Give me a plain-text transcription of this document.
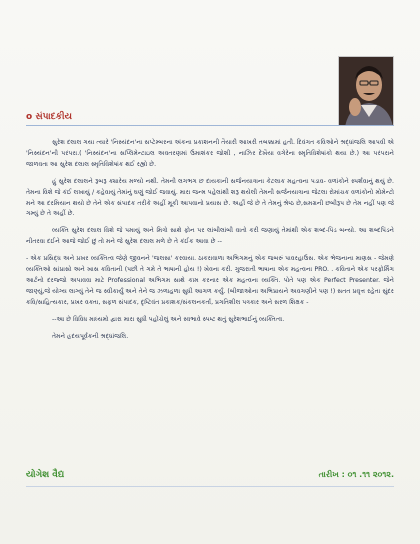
o સંપાદકીય

સુરેશ દલાલ ગયા ત્યારે 'નિસ્યંદન'ના સપ્ટેમ્બરના અંકના પ્રકાશનની તૈયારી આખરી તબક્કામાં હતી. દિવંગત કવિઓને શ્રદ્ધાંજલિ આપવી એ 'નિસ્યંદન'ની પરંપરા.( 'નિસ્યંદન'ના સપ્લિમેન્ટાઇલ અવતરણમાં ઉમાશંકર જોશી , નાઝિર દેખૈયા વગેરેના સ્મૃતિવિશેષાંકો થયા છે.) આ પરંપરાને જાળવતા આ સુરેશ દલાલ સ્મૃતિવિશેષાંક થઈ રહ્યો છે.

હું સુરેશ દલાલને રૂબરૂ ક્યારેય મળ્યો નથી. તેમની લગભગ છ દાયકાની સર્જનયાત્રાના કેટલાક મહત્વના પડાવ- વળાંકોને સ્પર્શવાનું થયું છે. તેમના વિશે જે કંઈ લખાયું / કહેવાયું તેમાંનું ઘણું જોઈ જવાયું. મારા જન્મ પહેલાંથી શરૂ થયેલી તેમની સર્જનયાત્રાના જેટલા રોમાંચક વળાંકોનો મોમેન્ટો મને આ દરમિયાન થયો છે તેને એક સંપાદક તરીકે અહીં મૂકી આપવાનો પ્રયાસ છે. અહીં જે છે તે તેમનું શ્રેષ્ઠ છે,સમગ્રની છબીરૂપ છે તેમ નહીં પણ જે ગમ્યું છે તે અહીં છે.

વ્યક્તિ સુરેશ દલાલ વિશે જે પમાયું અને મિત્રો સાથે ફોન પર લાંબીલાંબી વાતો કરી જણાયું તેમાંથી એક શબ્દ-પિંડ બન્યો. આ શબ્દપિંડને નીતરવા દઈને આજે જોઈ છું તો મને જે સુરેશ દલાલ મળે છે તે કંઈક આવા છે --

- એક પ્રસિદ્ધ અને પ્રખર વ્યક્તિત્વ જેણે જીવનને 'જલસા' કરવાયા. ઠાકરાવાળા અભિગમનું એક જબરું પાવરહાઉસ. એક ભેજનાના માણસ - જેમણે વ્યક્તિઓ સાંપ્રાસો અને ખાસ કવિતાની (પછી તે ગમે તે ભાષાની હોય !) ખેવના કરી. ગુજરાતી ભાષાના એક મહત્વના PRO. . કવિતાને એક પરફોર્મિંગ આર્ટનો દરજ્જો અપાવવા માટે Professional અભિગમ સાથે કામ કરનાર એક મહત્વના વ્યક્તિ. પોતે પણ એક Perfect Presenter. જેને જાણ્યું,જે યોગ્ય લાગ્યું તેને જ સ્વીકાર્યું અને તેને જ ઝળાહળા સુધી આગળ કર્યું. (બીજાઓના અભિપ્રાયને અવગણીને પણ !) સતત પ્રવૃત્ત રહેતા સુંદર કવિ/સાહિત્યકાર, પ્રખર વક્તા, સફળ સંપાદક, દૃષ્ટિવંત પ્રકાશક/સંકલનકર્તા, પ્રગતિશીલ પત્રકાર અને સરળ શિક્ષક -

--આ છે વિવિધ માધ્યમો દ્વારા મારા સુધી પહોંચેલું અને સ્વભાવે સ્પષ્ટ થતું સુરેશભાઈનું વ્યક્તિત્વ.

તેમને હ્રદયપૂર્વકની શ્રદ્ધાંજલિ.

યોગેશ વૈદ્ય	તારીખ : ૦૧ .૧૧ ૨૦૧૨.
